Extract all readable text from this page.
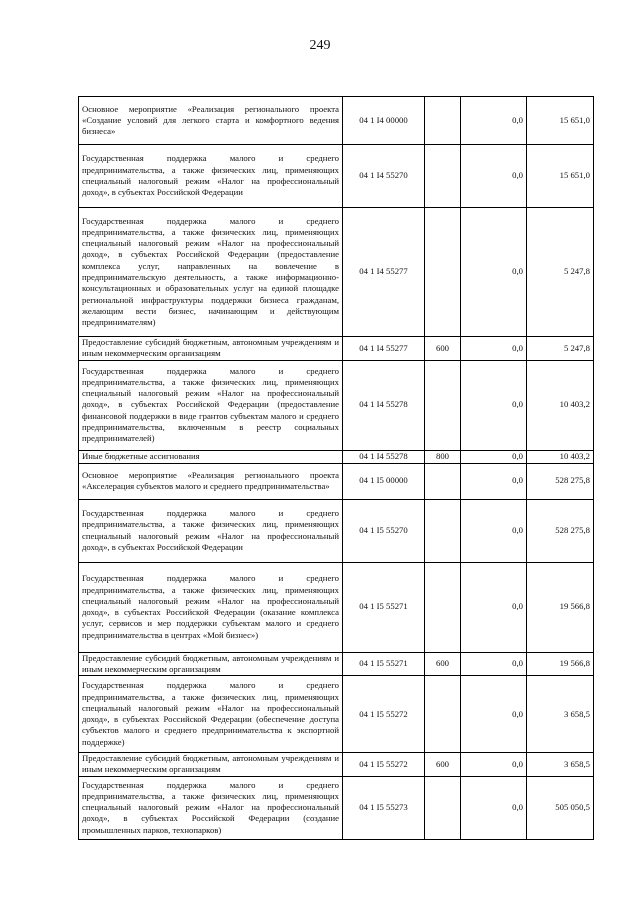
249
Основное мероприятие «Реализация регионального проекта «Создание условий для легкого старта и комфортного ведения бизнеса»	04 1 I4 00000		0,0	15 651,0
Государственная поддержка малого и среднего предпринимательства, а также физических лиц, применяющих специальный налоговый режим «Налог на профессиональный доход», в субъектах Российской Федерации	04 1 I4 55270		0,0	15 651,0
Государственная поддержка малого и среднего предпринимательства, а также физических лиц, применяющих специальный налоговый режим «Налог на профессиональный доход», в субъектах Российской Федерации (предоставление комплекса услуг, направленных на вовлечение в предпринимательскую деятельность, а также информационно-консультационных и образовательных услуг на единой площадке региональной инфраструктуры поддержки бизнеса гражданам, желающим вести бизнес, начинающим и действующим предпринимателям)	04 1 I4 55277		0,0	5 247,8
Предоставление субсидий бюджетным, автономным учреждениям и иным некоммерческим организациям	04 1 I4 55277	600	0,0	5 247,8
Государственная поддержка малого и среднего предпринимательства, а также физических лиц, применяющих специальный налоговый режим «Налог на профессиональный доход», в субъектах Российской Федерации (предоставление финансовой поддержки в виде грантов субъектам малого и среднего предпринимательства, включенным в реестр социальных предпринимателей)	04 1 I4 55278		0,0	10 403,2
Иные бюджетные ассигнования	04 1 I4 55278	800	0,0	10 403,2
Основное мероприятие «Реализация регионального проекта «Акселерация субъектов малого и среднего предпринимательства»	04 1 I5 00000		0,0	528 275,8
Государственная поддержка малого и среднего предпринимательства, а также физических лиц, применяющих специальный налоговый режим «Налог на профессиональный доход», в субъектах Российской Федерации	04 1 I5 55270		0,0	528 275,8
Государственная поддержка малого и среднего предпринимательства, а также физических лиц, применяющих специальный налоговый режим «Налог на профессиональный доход», в субъектах Российской Федерации (оказание комплекса услуг, сервисов и мер поддержки субъектам малого и среднего предпринимательства в центрах «Мой бизнес»)	04 1 I5 55271		0,0	19 566,8
Предоставление субсидий бюджетным, автономным учреждениям и иным некоммерческим организациям	04 1 I5 55271	600	0,0	19 566,8
Государственная поддержка малого и среднего предпринимательства, а также физических лиц, применяющих специальный налоговый режим «Налог на профессиональный доход», в субъектах Российской Федерации (обеспечение доступа субъектов малого и среднего предпринимательства к экспортной поддержке)	04 1 I5 55272		0,0	3 658,5
Предоставление субсидий бюджетным, автономным учреждениям и иным некоммерческим организациям	04 1 I5 55272	600	0,0	3 658,5
Государственная поддержка малого и среднего предпринимательства, а также физических лиц, применяющих специальный налоговый режим «Налог на профессиональный доход», в субъектах Российской Федерации (создание промышленных парков, технопарков)	04 1 I5 55273		0,0	505 050,5
